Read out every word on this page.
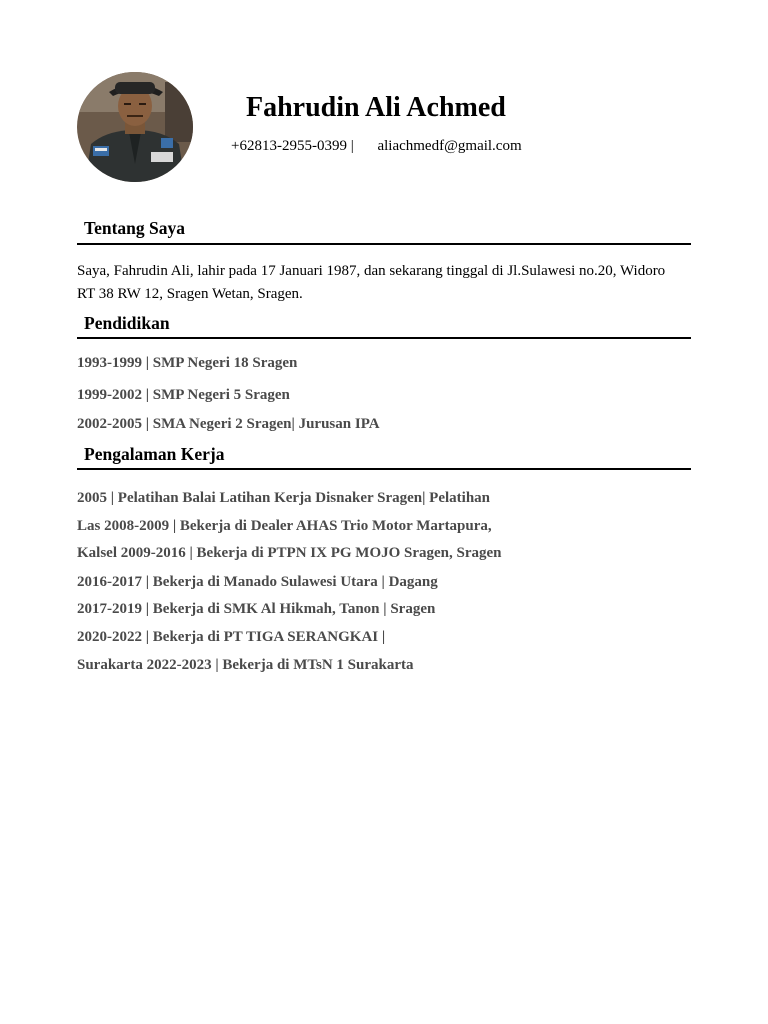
Fahrudin Ali Achmed
+62813-2955-0399 | aliachmedf@gmail.com
Tentang Saya
Saya, Fahrudin Ali, lahir pada 17 Januari 1987, dan sekarang tinggal di Jl.Sulawesi no.20, Widoro RT 38 RW 12, Sragen Wetan, Sragen.
Pendidikan
1993-1999 | SMP Negeri 18 Sragen
1999-2002 | SMP Negeri 5 Sragen
2002-2005 | SMA Negeri 2 Sragen| Jurusan IPA
Pengalaman Kerja
2005 | Pelatihan Balai Latihan Kerja Disnaker Sragen| Pelatihan
Las 2008-2009 | Bekerja di Dealer AHAS Trio Motor Martapura,
Kalsel 2009-2016 | Bekerja di PTPN IX PG MOJO Sragen, Sragen
2016-2017 | Bekerja di Manado Sulawesi Utara | Dagang
2017-2019 | Bekerja di SMK Al Hikmah, Tanon | Sragen
2020-2022 | Bekerja di PT TIGA SERANGKAI |
Surakarta 2022-2023 | Bekerja di MTsN 1 Surakarta
